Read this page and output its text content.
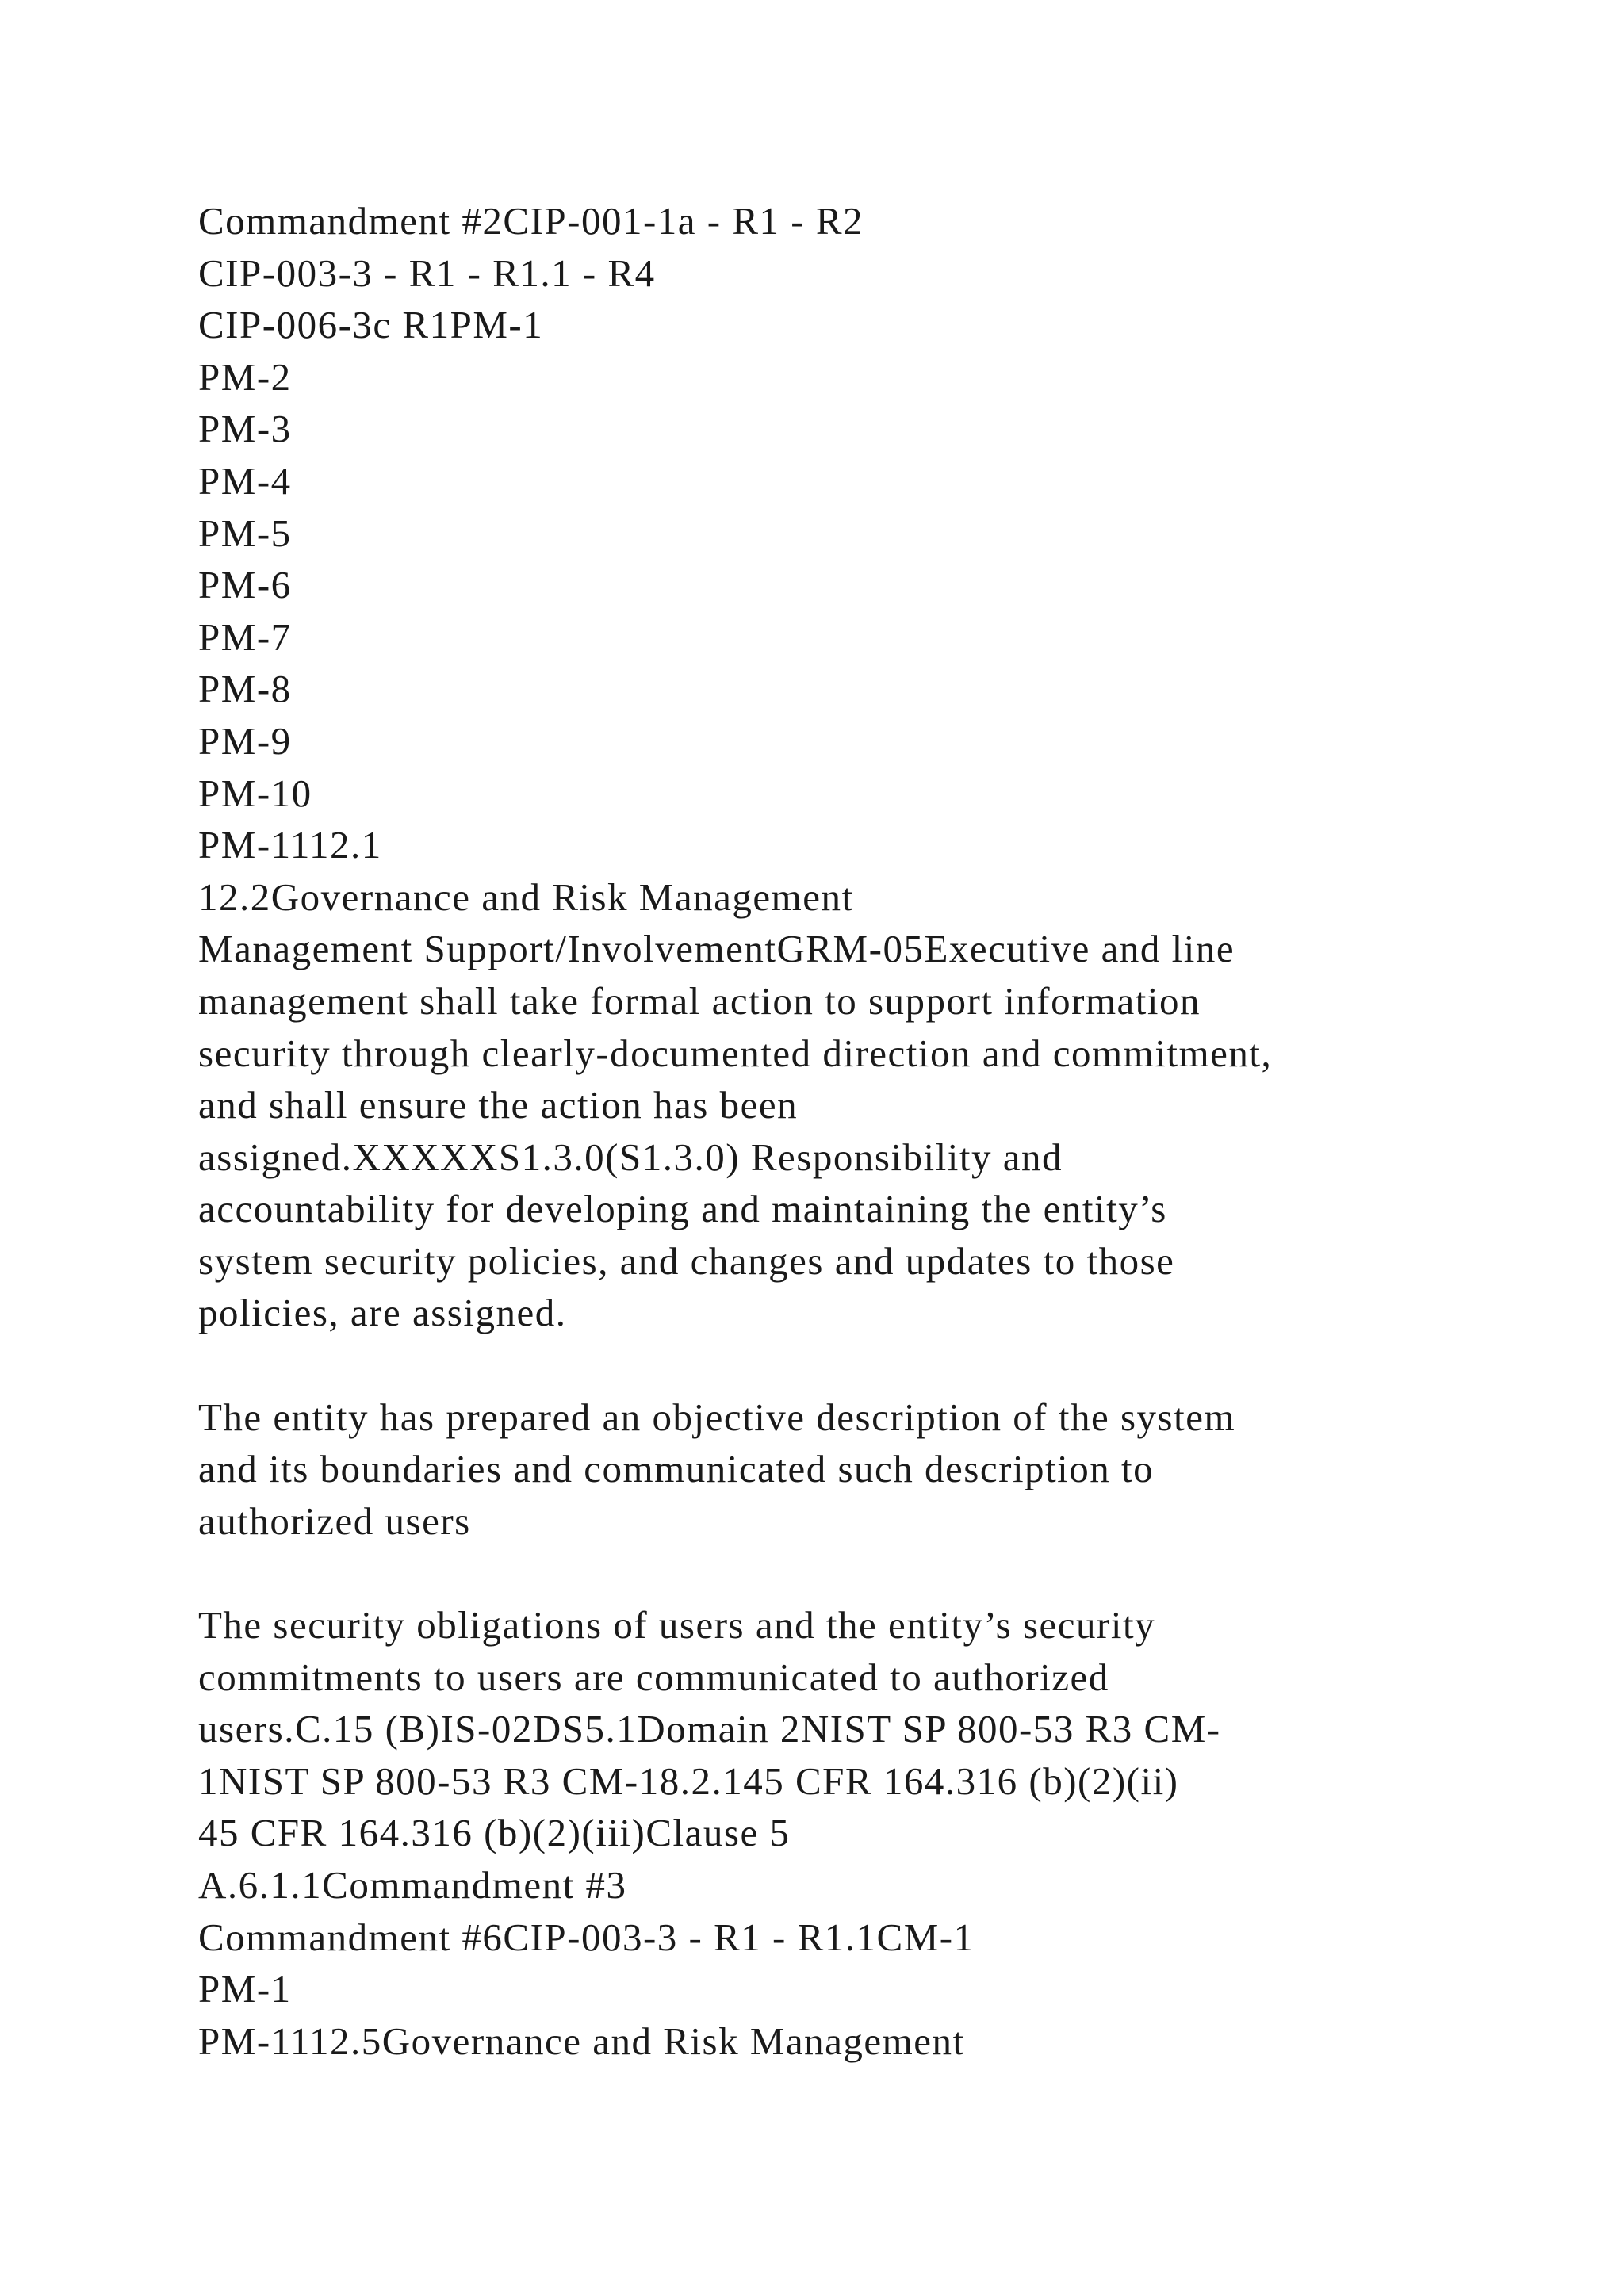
Commandment #2CIP-001-1a - R1 - R2
CIP-003-3 - R1 - R1.1 - R4
CIP-006-3c R1PM-1
PM-2
PM-3
PM-4
PM-5
PM-6
PM-7
PM-8
PM-9
PM-10
PM-1112.1
12.2Governance and Risk Management
Management Support/InvolvementGRM-05Executive and line
management shall take formal action to support information
security through clearly-documented direction and commitment,
and shall ensure the action has been
assigned.XXXXXS1.3.0(S1.3.0) Responsibility and
accountability for developing and maintaining the entity’s
system security policies, and changes and updates to those
policies, are assigned.
The entity has prepared an objective description of the system
and its boundaries and communicated such description to
authorized users
The security obligations of users and the entity’s security
commitments to users are communicated to authorized
users.C.15 (B)IS-02DS5.1Domain 2NIST SP 800-53 R3 CM-
1NIST SP 800-53 R3 CM-18.2.145 CFR 164.316 (b)(2)(ii)
45 CFR 164.316 (b)(2)(iii)Clause 5
A.6.1.1Commandment #3
Commandment #6CIP-003-3 - R1 - R1.1CM-1
PM-1
PM-1112.5Governance and Risk Management
